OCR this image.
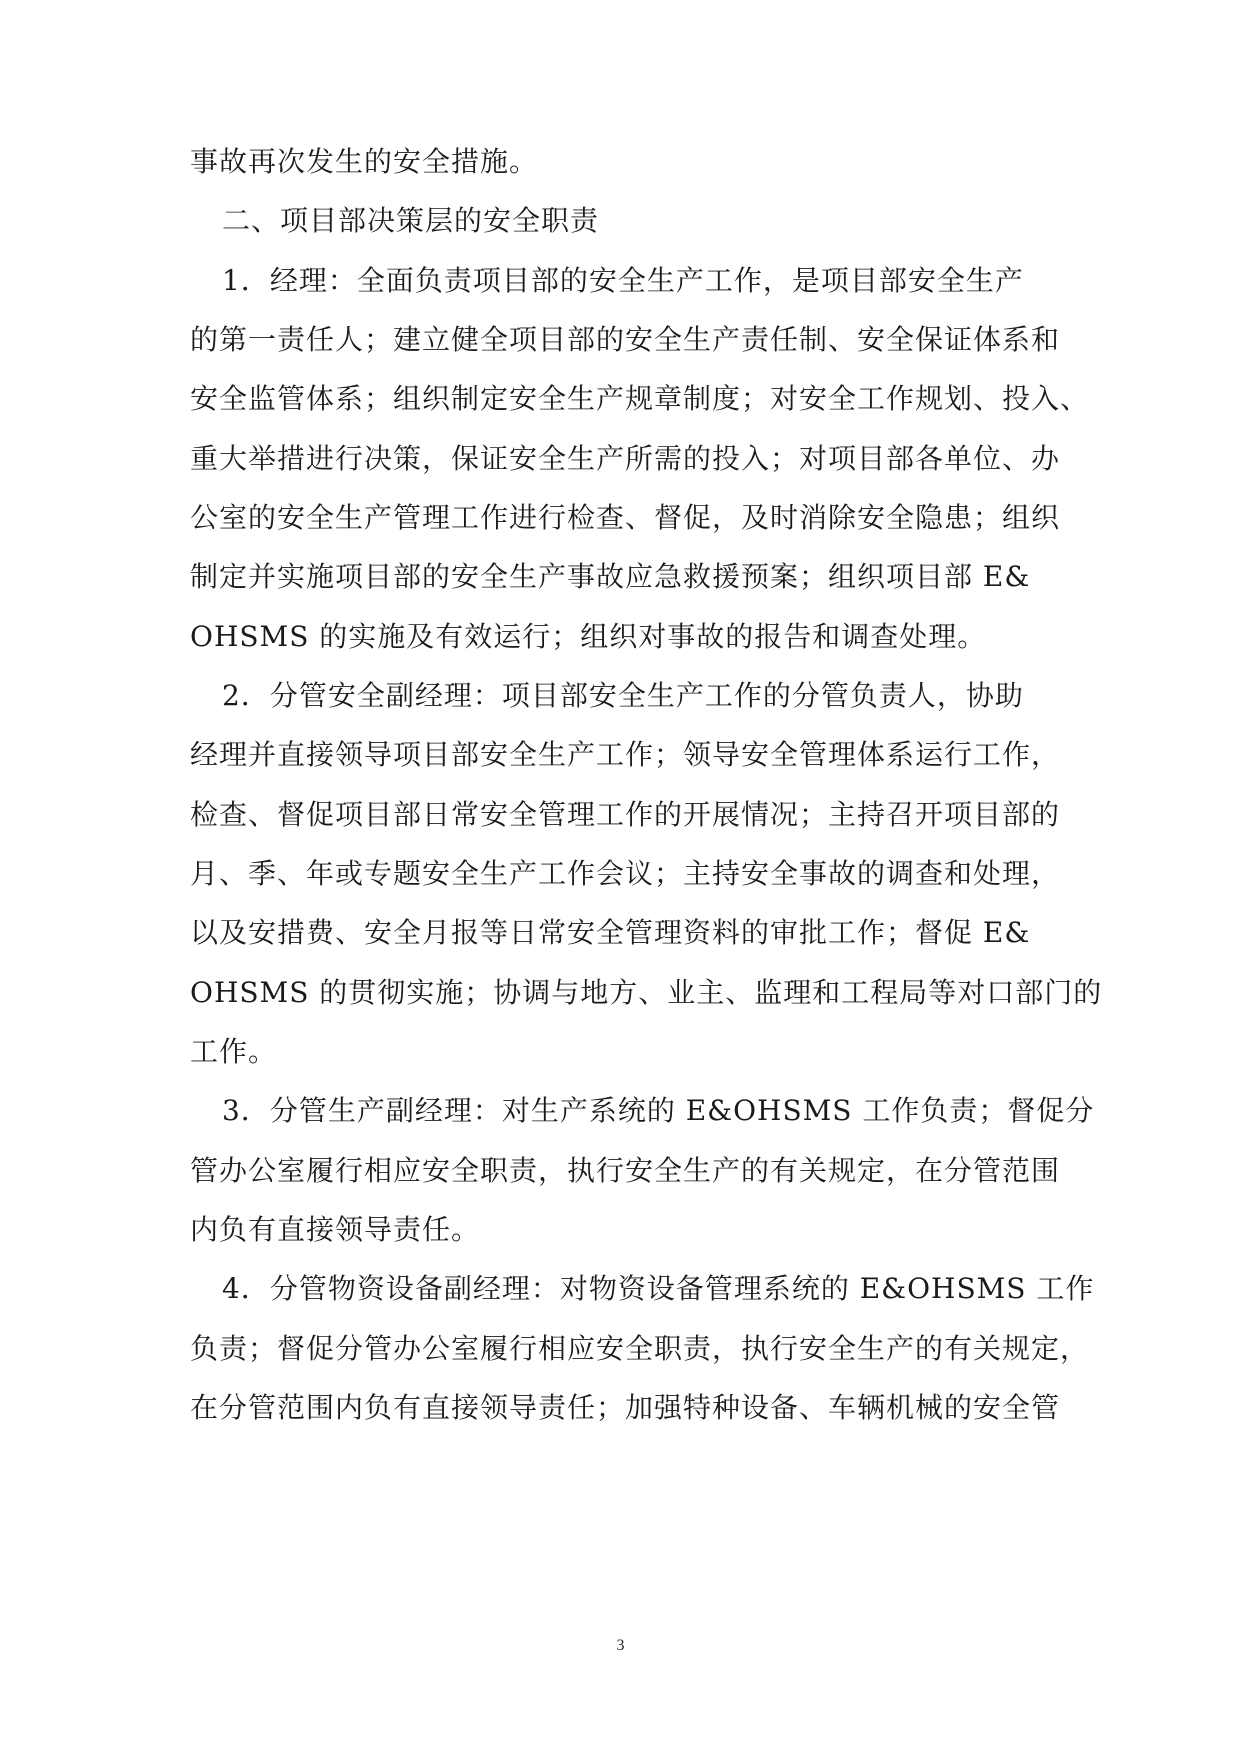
事故再次发生的安全措施。
二、项目部决策层的安全职责
1．经理：全面负责项目部的安全生产工作，是项目部安全生产
的第一责任人；建立健全项目部的安全生产责任制、安全保证体系和
安全监管体系；组织制定安全生产规章制度；对安全工作规划、投入、
重大举措进行决策，保证安全生产所需的投入；对项目部各单位、办
公室的安全生产管理工作进行检查、督促，及时消除安全隐患；组织
制定并实施项目部的安全生产事故应急救援预案；组织项目部 E&
OHSMS 的实施及有效运行；组织对事故的报告和调查处理。
2．分管安全副经理：项目部安全生产工作的分管负责人，协助
经理并直接领导项目部安全生产工作；领导安全管理体系运行工作，
检查、督促项目部日常安全管理工作的开展情况；主持召开项目部的
月、季、年或专题安全生产工作会议；主持安全事故的调查和处理，
以及安措费、安全月报等日常安全管理资料的审批工作；督促 E&
OHSMS 的贯彻实施；协调与地方、业主、监理和工程局等对口部门的
工作。
3．分管生产副经理：对生产系统的 E&OHSMS 工作负责；督促分
管办公室履行相应安全职责，执行安全生产的有关规定，在分管范围
内负有直接领导责任。
4．分管物资设备副经理：对物资设备管理系统的 E&OHSMS 工作
负责；督促分管办公室履行相应安全职责，执行安全生产的有关规定，
在分管范围内负有直接领导责任；加强特种设备、车辆机械的安全管
3
